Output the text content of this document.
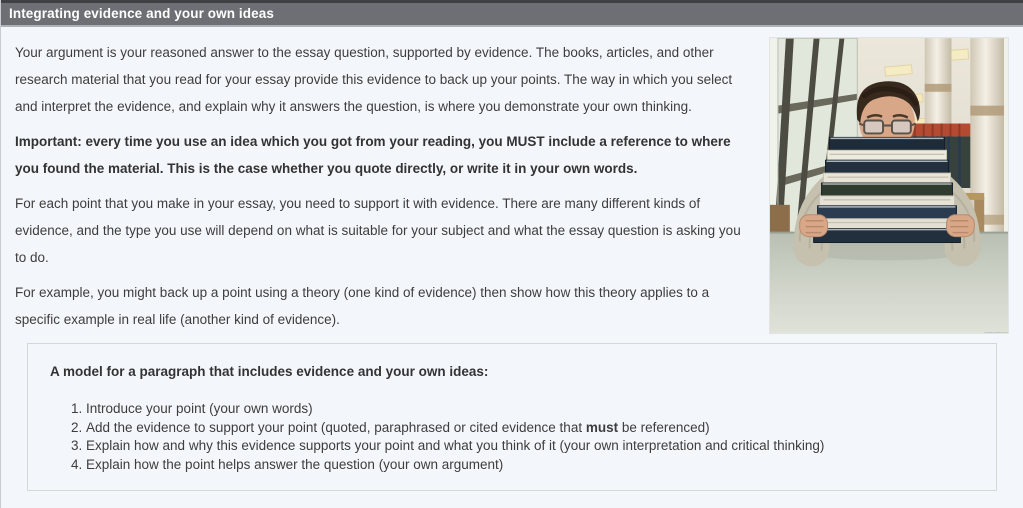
Integrating evidence and your own ideas

Your argument is your reasoned answer to the essay question, supported by evidence. The books, articles, and other research material that you read for your essay provide this evidence to back up your points. The way in which you select and interpret the evidence, and explain why it answers the question, is where you demonstrate your own thinking.

Important: every time you use an idea which you got from your reading, you MUST include a reference to where you found the material. This is the case whether you quote directly, or write it in your own words.

For each point that you make in your essay, you need to support it with evidence. There are many different kinds of evidence, and the type you use will depend on what is suitable for your subject and what the essay question is asking you to do.

For example, you might back up a point using a theory (one kind of evidence) then show how this theory applies to a specific example in real life (another kind of evidence).

A model for a paragraph that includes evidence and your own ideas:
1. Introduce your point (your own words)
2. Add the evidence to support your point (quoted, paraphrased or cited evidence that must be referenced)
3. Explain how and why this evidence supports your point and what you think of it (your own interpretation and critical thinking)
4. Explain how the point helps answer the question (your own argument)
